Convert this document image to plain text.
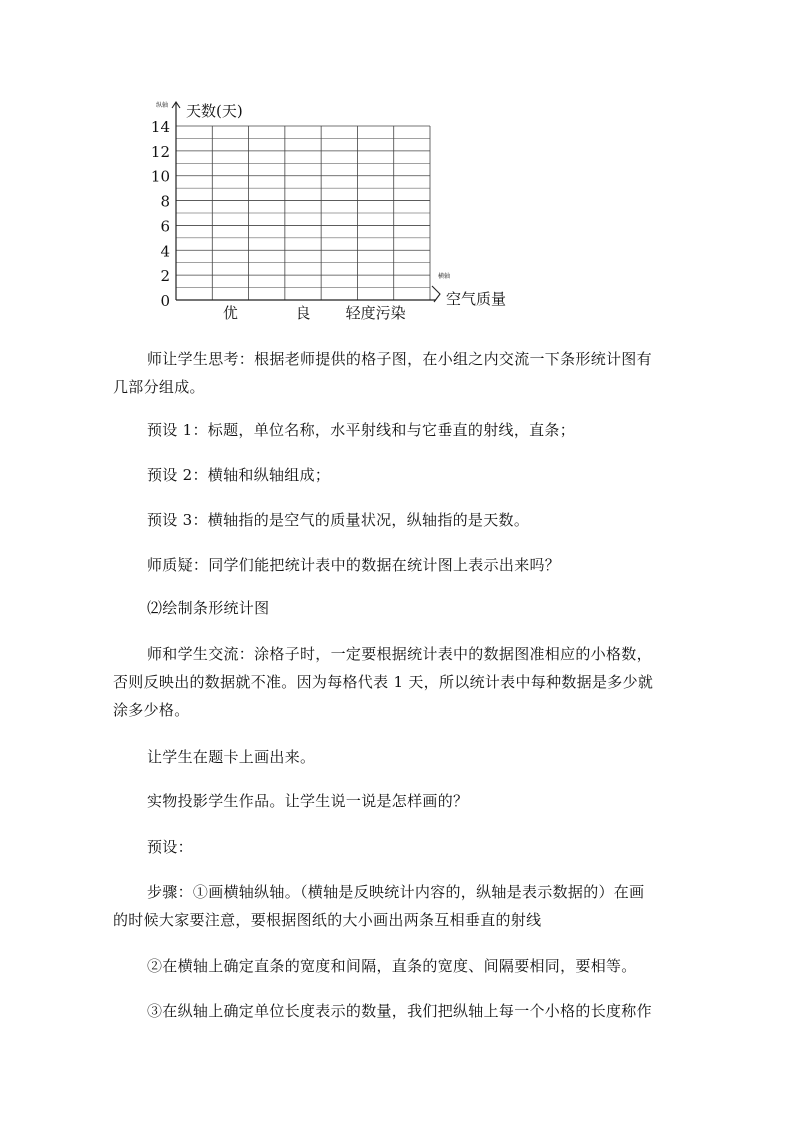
0
2
4
6
8
10
12
14
优	良 轻度污染
纵轴 天数(天)
横轴
空气质量

师让学生思考：根据老师提供的格子图，在小组之内交流一下条形统计图有

几部分组成。

预设 1：标题，单位名称，水平射线和与它垂直的射线，直条；

预设 2：横轴和纵轴组成；

预设 3：横轴指的是空气的质量状况，纵轴指的是天数。

师质疑：同学们能把统计表中的数据在统计图上表示出来吗？

⑵绘制条形统计图

师和学生交流：涂格子时，一定要根据统计表中的数据图准相应的小格数，

否则反映出的数据就不准。因为每格代表 1 天，所以统计表中每种数据是多少就

涂多少格。

让学生在题卡上画出来。

实物投影学生作品。让学生说一说是怎样画的？

预设：

步骤：①画横轴纵轴。（横轴是反映统计内容的，纵轴是表示数据的）在画

的时候大家要注意，要根据图纸的大小画出两条互相垂直的射线

②在横轴上确定直条的宽度和间隔，直条的宽度、间隔要相同，要相等。

③在纵轴上确定单位长度表示的数量，我们把纵轴上每一个小格的长度称作
